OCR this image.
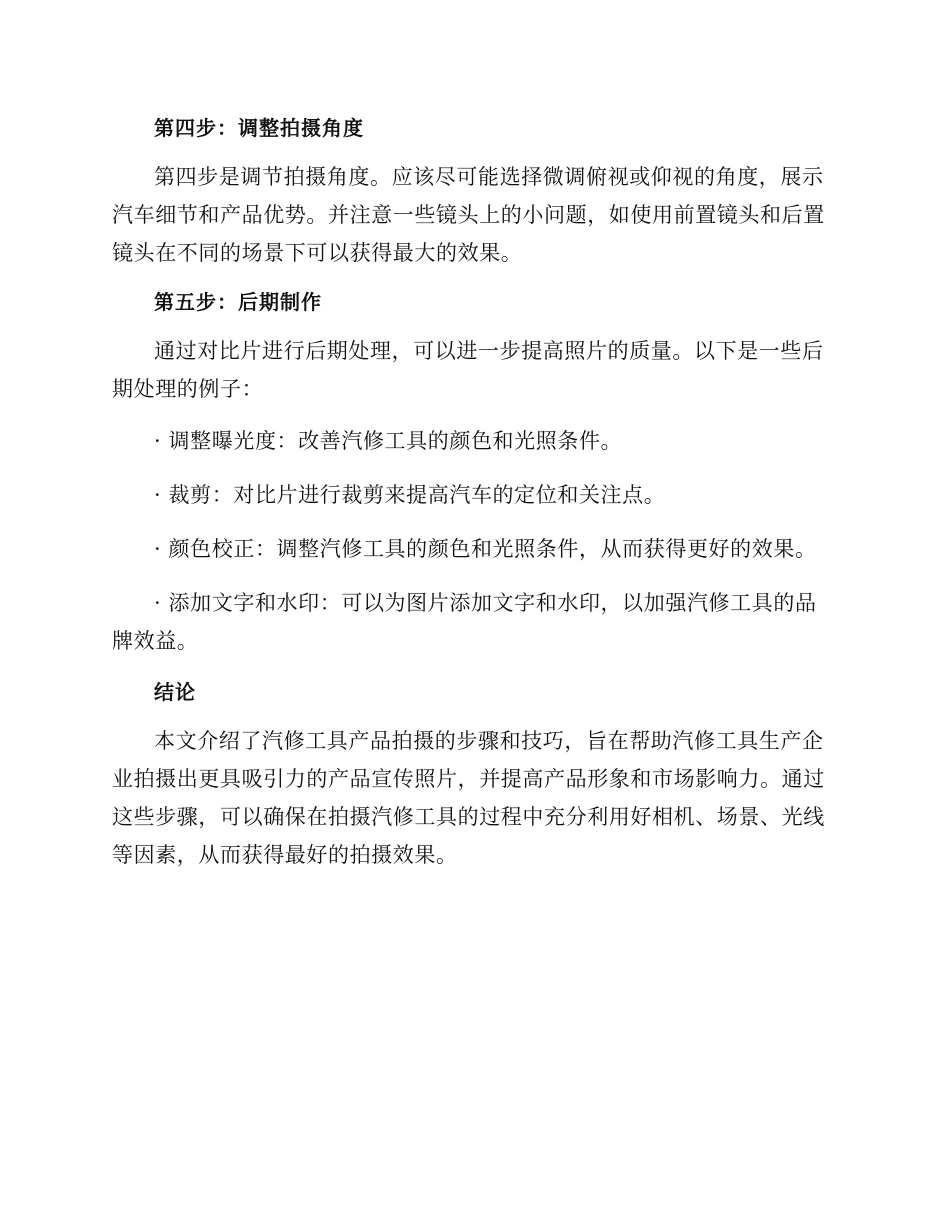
第四步：调整拍摄角度

第四步是调节拍摄角度。应该尽可能选择微调俯视或仰视的角度，展示汽车细节和产品优势。并注意一些镜头上的小问题，如使用前置镜头和后置镜头在不同的场景下可以获得最大的效果。

第五步：后期制作

通过对比片进行后期处理，可以进一步提高照片的质量。以下是一些后期处理的例子：

· 调整曝光度：改善汽修工具的颜色和光照条件。

· 裁剪：对比片进行裁剪来提高汽车的定位和关注点。

· 颜色校正：调整汽修工具的颜色和光照条件，从而获得更好的效果。

· 添加文字和水印：可以为图片添加文字和水印，以加强汽修工具的品牌效益。

结论

本文介绍了汽修工具产品拍摄的步骤和技巧，旨在帮助汽修工具生产企业拍摄出更具吸引力的产品宣传照片，并提高产品形象和市场影响力。通过这些步骤，可以确保在拍摄汽修工具的过程中充分利用好相机、场景、光线等因素，从而获得最好的拍摄效果。
